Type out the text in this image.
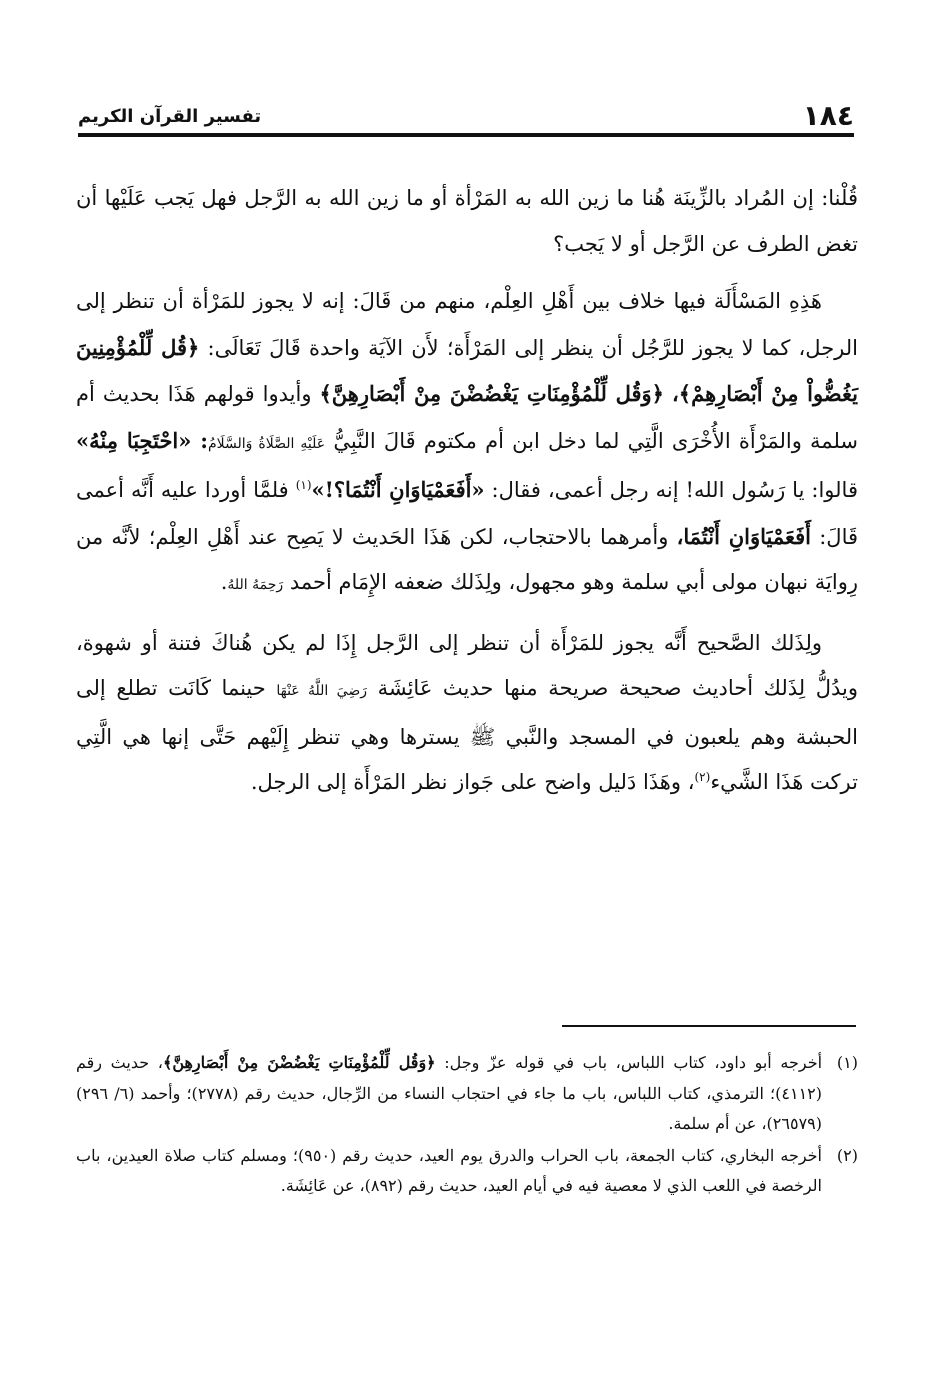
١٨٤
تفسير القرآن الكريم

قُلْنا: إن المُراد بالزِّينَة هُنا ما زين الله به المَرْأة أو ما زين الله به الرَّجل فهل يَجب عَلَيْها أن تغض الطرف عن الرَّجل أو لا يَجب؟

هَذِهِ المَسْأَلَة فيها خلاف بين أَهْلِ العِلْم، منهم من قَالَ: إنه لا يجوز للمَرْأة أن تنظر إلى الرجل، كما لا يجوز للرَّجُل أن ينظر إلى المَرْأَة؛ لأَن الآيَة واحدة قَالَ تَعَالَى: ﴿قُل لِّلْمُؤْمِنِينَ يَغُضُّواْ مِنْ أَبْصَارِهِمْ﴾، ﴿وَقُل لِّلْمُؤْمِنَاتِ يَغْضُضْنَ مِنْ أَبْصَارِهِنَّ﴾ وأيدوا قولهم هَذَا بحديث أم سلمة والمَرْأَة الأُخْرَى الَّتِي لما دخل ابن أم مكتوم قَالَ النَّبِيُّ عَلَيْهِ الصَّلَاةُ وَالسَّلَامُ: «احْتَجِبَا مِنْهُ» قالوا: يا رَسُول الله! إنه رجل أعمى، فقال: «أَفَعَمْيَاوَانِ أَنْتُمَا؟!»$^{(١)}$ فلمَّا أوردا عليه أَنَّه أعمى قَالَ: أَفَعَمْيَاوَانِ أَنْتُمَا، وأمرهما بالاحتجاب، لكن هَذَا الحَديث لا يَصِح عند أَهْلِ العِلْم؛ لأنَّه من رِوايَة نبهان مولى أبي سلمة وهو مجهول، ولِذَلك ضعفه الإِمَام أحمد رَحِمَهُ اللهُ.

ولِذَلك الصَّحيح أَنَّه يجوز للمَرْأَة أن تنظر إلى الرَّجل إِذَا لم يكن هُناكَ فتنة أو شهوة، ويدُلُّ لِذَلك أحاديث صحيحة صريحة منها حديث عَائِشَة رَضِيَ اللَّهُ عَنْهَا حينما كَانَت تطلع إلى الحبشة وهم يلعبون في المسجد والنَّبي ﷺ يسترها وهي تنظر إِلَيْهم حَتَّى إنها هي الَّتِي تركت هَذَا الشَّيء$^{(٢)}$، وهَذَا دَليل واضح على جَواز نظر المَرْأَة إلى الرجل.

(١)
أخرجه أبو داود، كتاب اللباس، باب في قوله عزّ وجل: ﴿وَقُل لِّلْمُؤْمِنَاتِ يَغْضُضْنَ مِنْ أَبْصَارِهِنَّ﴾، حديث رقم (٤١١٢)؛ الترمذي، كتاب اللباس، باب ما جاء في احتجاب النساء من الرِّجال، حديث رقم (٢٧٧٨)؛ وأحمد (٦/ ٢٩٦) (٢٦٥٧٩)، عن أم سلمة.

(٢)
أخرجه البخاري، كتاب الجمعة، باب الحراب والدرق يوم العيد، حديث رقم (٩٥٠)؛ ومسلم كتاب صلاة العيدين، باب الرخصة في اللعب الذي لا معصية فيه في أيام العيد، حديث رقم (٨٩٢)، عن عَائِشَة.
